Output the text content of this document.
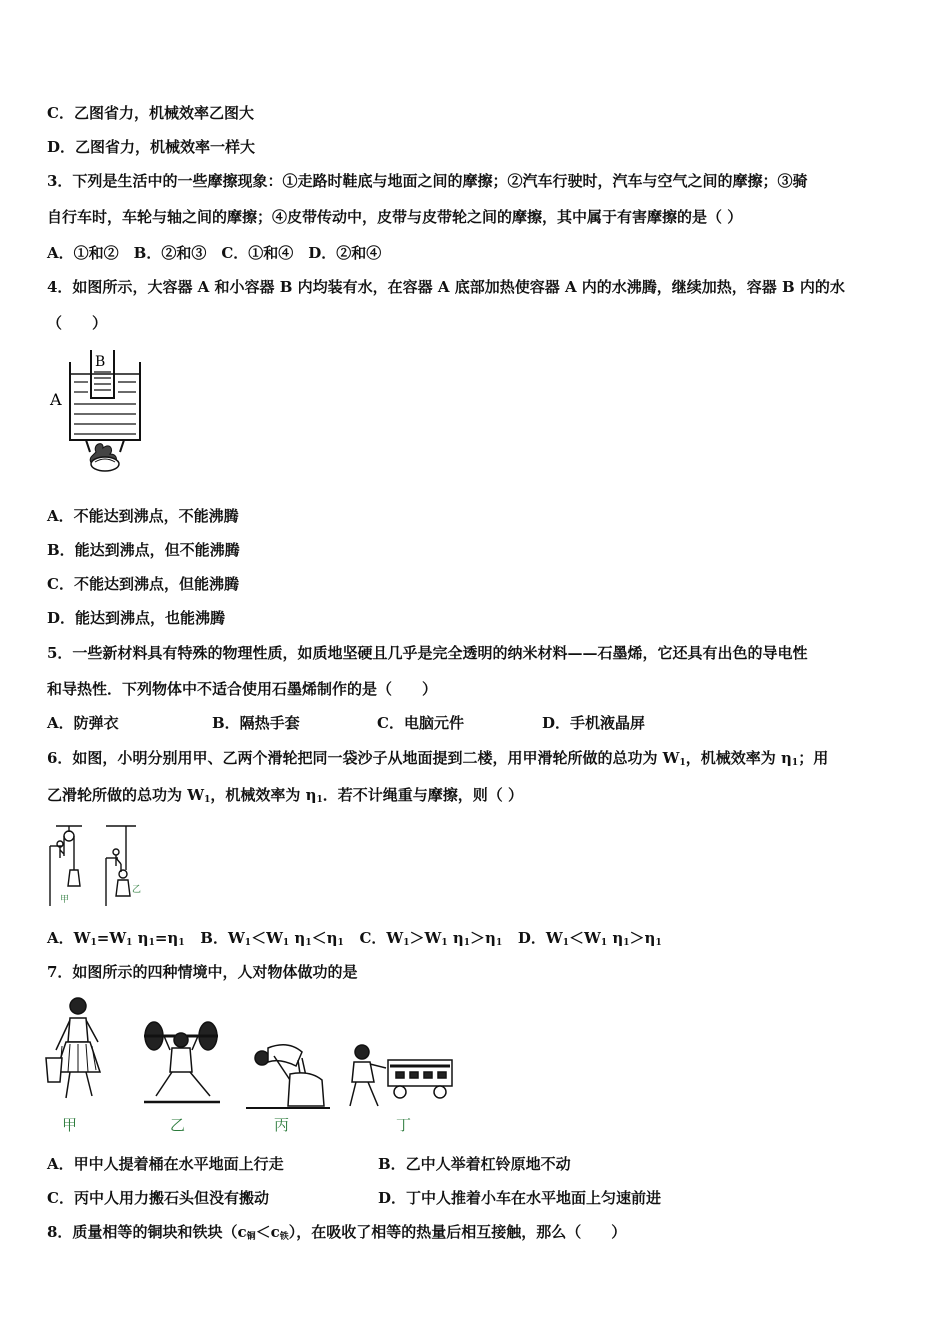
C．乙图省力，机械效率乙图大
D．乙图省力，机械效率一样大
3．下列是生活中的一些摩擦现象：①走路时鞋底与地面之间的摩擦；②汽车行驶时，汽车与空气之间的摩擦；③骑
自行车时，车轮与轴之间的摩擦；④皮带传动中，皮带与皮带轮之间的摩擦，其中属于有害摩擦的是（ ）
A．①和②　B．②和③　C．①和④　D．②和④
4．如图所示，大容器 A 和小容器 B 内均装有水，在容器 A 底部加热使容器 A 内的水沸腾，继续加热，容器 B 内的水
（　　）
A
B
A．不能达到沸点，不能沸腾
B．能达到沸点，但不能沸腾
C．不能达到沸点，但能沸腾
D．能达到沸点，也能沸腾
5．一些新材料具有特殊的物理性质，如质地坚硬且几乎是完全透明的纳米材料——石墨烯，它还具有出色的导电性
和导热性．下列物体中不适合使用石墨烯制作的是（　　）
A．防弹衣	B．隔热手套	C．电脑元件	D．手机液晶屏
6．如图，小明分别用甲、乙两个滑轮把同一袋沙子从地面提到二楼，用甲滑轮所做的总功为 $W_1$，机械效率为 $\eta_1$；用
乙滑轮所做的总功为 $W_1$，机械效率为 $\eta_1$．若不计绳重与摩擦，则（ ）
甲
乙
A．$W_1=W_1$ $\eta_1=\eta_1$ B．$W_1<W_1$ $\eta_1<\eta_1$ C．$W_1>W_1$ $\eta_1>\eta_1$ D．$W_1<W_1$ $\eta_1>\eta_1$
7．如图所示的四种情境中，人对物体做功的是
甲	乙	丙	丁
A．甲中人提着桶在水平地面上行走	B．乙中人举着杠铃原地不动
C．丙中人用力搬石头但没有搬动	D．丁中人推着小车在水平地面上匀速前进
8．质量相等的铜块和铁块$(c_铜<c_铁)$，在吸收了相等的热量后相互接触，那么（　　）
